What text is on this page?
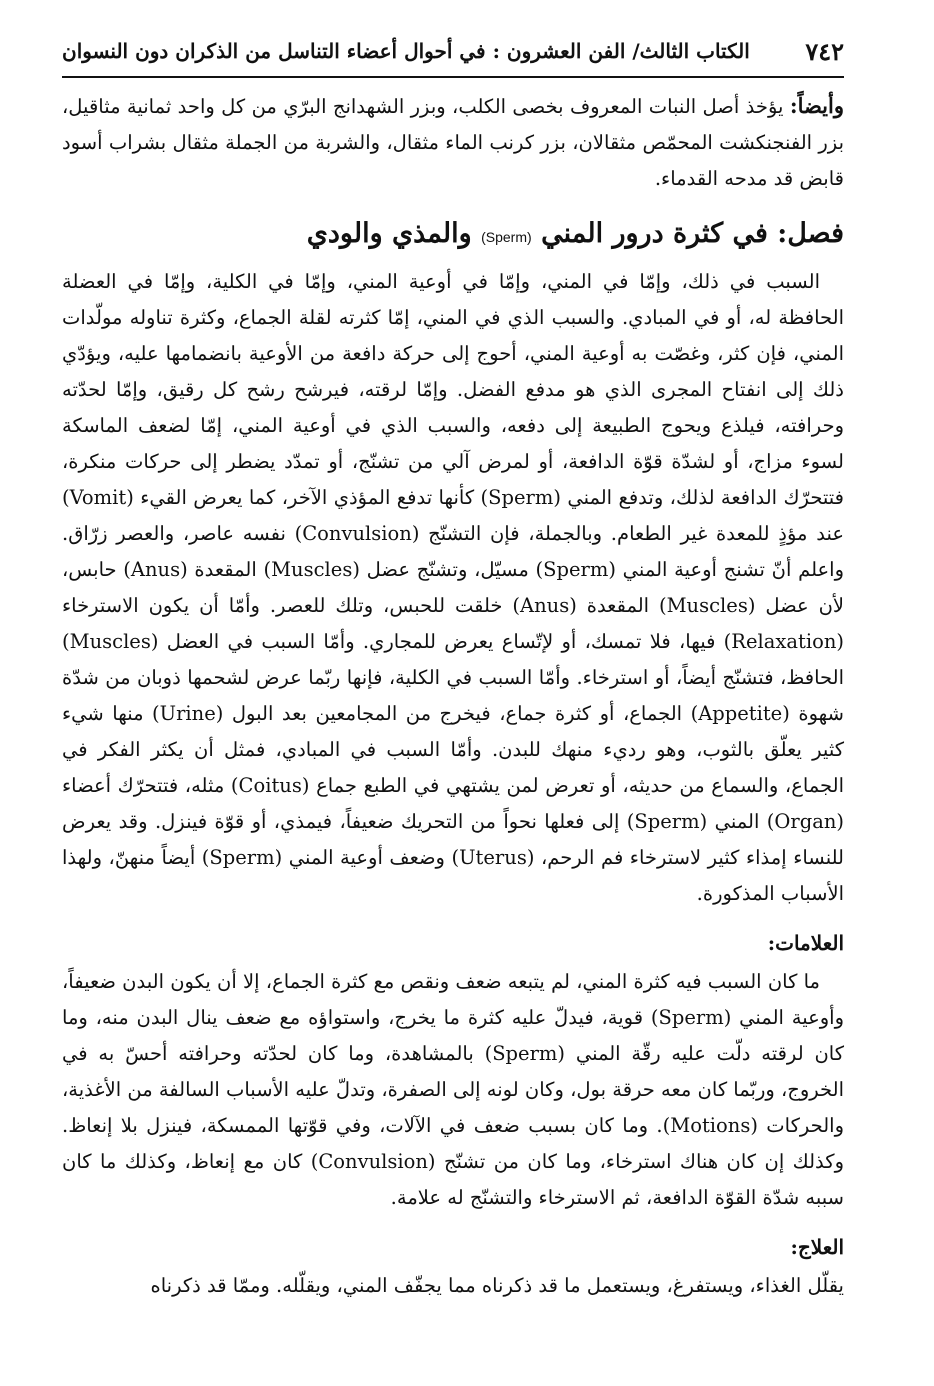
٧٤٢
الكتاب الثالث/ الفن العشرون : في أحوال أعضاء التناسل من الذكران دون النسوان

وأيضاً: يؤخذ أصل النبات المعروف بخصى الكلب، وبزر الشهدانج البرّي من كل واحد ثمانية مثاقيل، بزر الفنجنكشت المحمّص مثقالان، بزر كرنب الماء مثقال، والشربة من الجملة مثقال بشراب أسود قابض قد مدحه القدماء.

فصل: في كثرة درور المني (Sperm) والمذي والودي

السبب في ذلك، وإمّا في المني، وإمّا في أوعية المني، وإمّا في الكلية، وإمّا في العضلة الحافظة له، أو في المبادي. والسبب الذي في المني، إمّا كثرته لقلة الجماع، وكثرة تناوله مولّدات المني، فإن كثر، وغصّت به أوعية المني، أحوج إلى حركة دافعة من الأوعية بانضمامها عليه، ويؤدّي ذلك إلى انفتاح المجرى الذي هو مدفع الفضل. وإمّا لرقته، فيرشح رشح كل رقيق، وإمّا لحدّته وحرافته، فيلذع ويحوج الطبيعة إلى دفعه، والسبب الذي في أوعية المني، إمّا لضعف الماسكة لسوء مزاج، أو لشدّة قوّة الدافعة، أو لمرض آلي من تشنّج، أو تمدّد يضطر إلى حركات منكرة، فتتحرّك الدافعة لذلك، وتدفع المني (Sperm) كأنها تدفع المؤذي الآخر، كما يعرض القيء (Vomit) عند مؤذٍ للمعدة غير الطعام. وبالجملة، فإن التشنّج (Convulsion) نفسه عاصر، والعصر زرّاق. واعلم أنّ تشنج أوعية المني (Sperm) مسيّل، وتشنّج عضل (Muscles) المقعدة (Anus) حابس، لأن عضل (Muscles) المقعدة (Anus) خلقت للحبس، وتلك للعصر. وأمّا أن يكون الاسترخاء (Relaxation) فيها، فلا تمسك، أو لإتّساع يعرض للمجاري. وأمّا السبب في العضل (Muscles) الحافظ، فتشنّج أيضاً، أو استرخاء. وأمّا السبب في الكلية، فإنها ربّما عرض لشحمها ذوبان من شدّة شهوة (Appetite) الجماع، أو كثرة جماع، فيخرج من المجامعين بعد البول (Urine) منها شيء كثير يعلّق بالثوب، وهو رديء منهك للبدن. وأمّا السبب في المبادي، فمثل أن يكثر الفكر في الجماع، والسماع من حديثه، أو تعرض لمن يشتهي في الطبع جماع (Coitus) مثله، فتتحرّك أعضاء (Organ) المني (Sperm) إلى فعلها نحواً من التحريك ضعيفاً، فيمذي، أو قوّة فينزل. وقد يعرض للنساء إمذاء كثير لاسترخاء فم الرحم، (Uterus) وضعف أوعية المني (Sperm) أيضاً منهنّ، ولهذا الأسباب المذكورة.

العلامات:

ما كان السبب فيه كثرة المني، لم يتبعه ضعف ونقص مع كثرة الجماع، إلا أن يكون البدن ضعيفاً، وأوعية المني (Sperm) قوية، فيدلّ عليه كثرة ما يخرج، واستواؤه مع ضعف ينال البدن منه، وما كان لرقته دلّت عليه رقّة المني (Sperm) بالمشاهدة، وما كان لحدّته وحرافته أحسّ به في الخروج، وربّما كان معه حرقة بول، وكان لونه إلى الصفرة، وتدلّ عليه الأسباب السالفة من الأغذية، والحركات (Motions). وما كان بسبب ضعف في الآلات، وفي قوّتها الممسكة، فينزل بلا إنعاظ. وكذلك إن كان هناك استرخاء، وما كان من تشنّج (Convulsion) كان مع إنعاظ، وكذلك ما كان سببه شدّة القوّة الدافعة، ثم الاسترخاء والتشنّج له علامة.

العلاج:

يقلّل الغذاء، ويستفرغ، ويستعمل ما قد ذكرناه مما يجفّف المني، ويقلّله. وممّا قد ذكرناه
